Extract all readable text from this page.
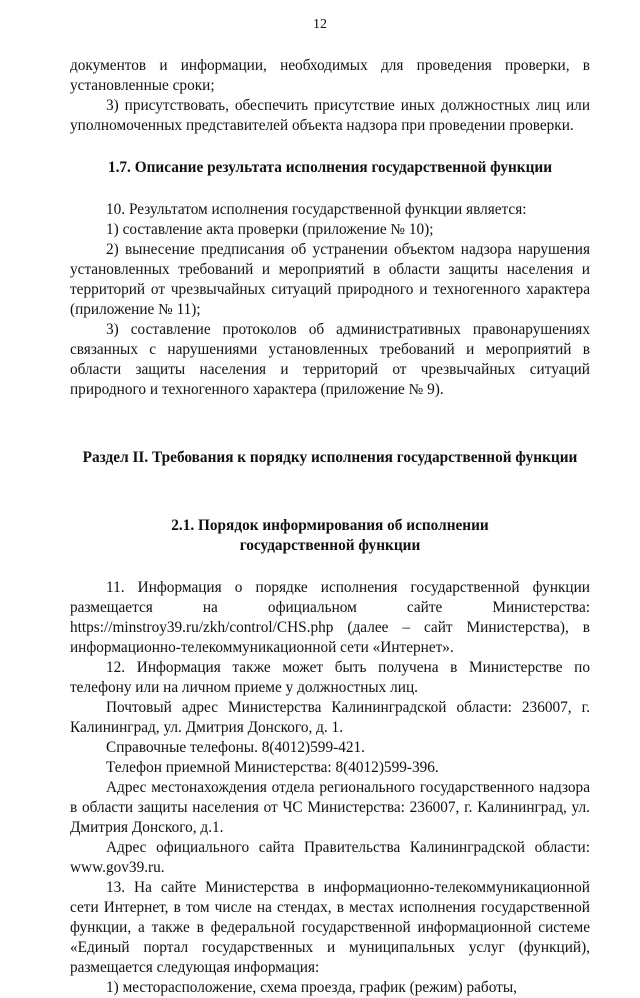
12

документов и информации, необходимых для проведения проверки, в установленные сроки;

3) присутствовать, обеспечить присутствие иных должностных лиц или уполномоченных представителей объекта надзора при проведении проверки.

1.7. Описание результата исполнения государственной функции

10. Результатом исполнения государственной функции является:

1) составление акта проверки (приложение № 10);

2) вынесение предписания об устранении объектом надзора нарушения установленных требований и мероприятий в области защиты населения и территорий от чрезвычайных ситуаций природного и техногенного характера (приложение № 11);

3) составление протоколов об административных правонарушениях связанных с нарушениями установленных требований и мероприятий в области защиты населения и территорий от чрезвычайных ситуаций природного и техногенного характера (приложение № 9).

Раздел II. Требования к порядку исполнения государственной функции

2.1. Порядок информирования об исполнении

государственной функции

11. Информация о порядке исполнения государственной функции размещается на официальном сайте Министерства: https://minstroy39.ru/zkh/control/CHS.php (далее – сайт Министерства), в информационно-телекоммуникационной сети «Интернет».

12. Информация также может быть получена в Министерстве по телефону или на личном приеме у должностных лиц.

Почтовый адрес Министерства Калининградской области: 236007, г. Калининград, ул. Дмитрия Донского, д. 1.

Справочные телефоны. 8(4012)599-421.

Телефон приемной Министерства: 8(4012)599-396.

Адрес местонахождения отдела регионального государственного надзора в области защиты населения от ЧС Министерства: 236007, г. Калининград, ул. Дмитрия Донского, д.1.

Адрес официального сайта Правительства Калининградской области: www.gov39.ru.

13. На сайте Министерства в информационно-телекоммуникационной сети Интернет, в том числе на стендах, в местах исполнения государственной функции, а также в федеральной государственной информационной системе «Единый портал государственных и муниципальных услуг (функций), размещается следующая информация:

1) месторасположение, схема проезда, график (режим) работы,
